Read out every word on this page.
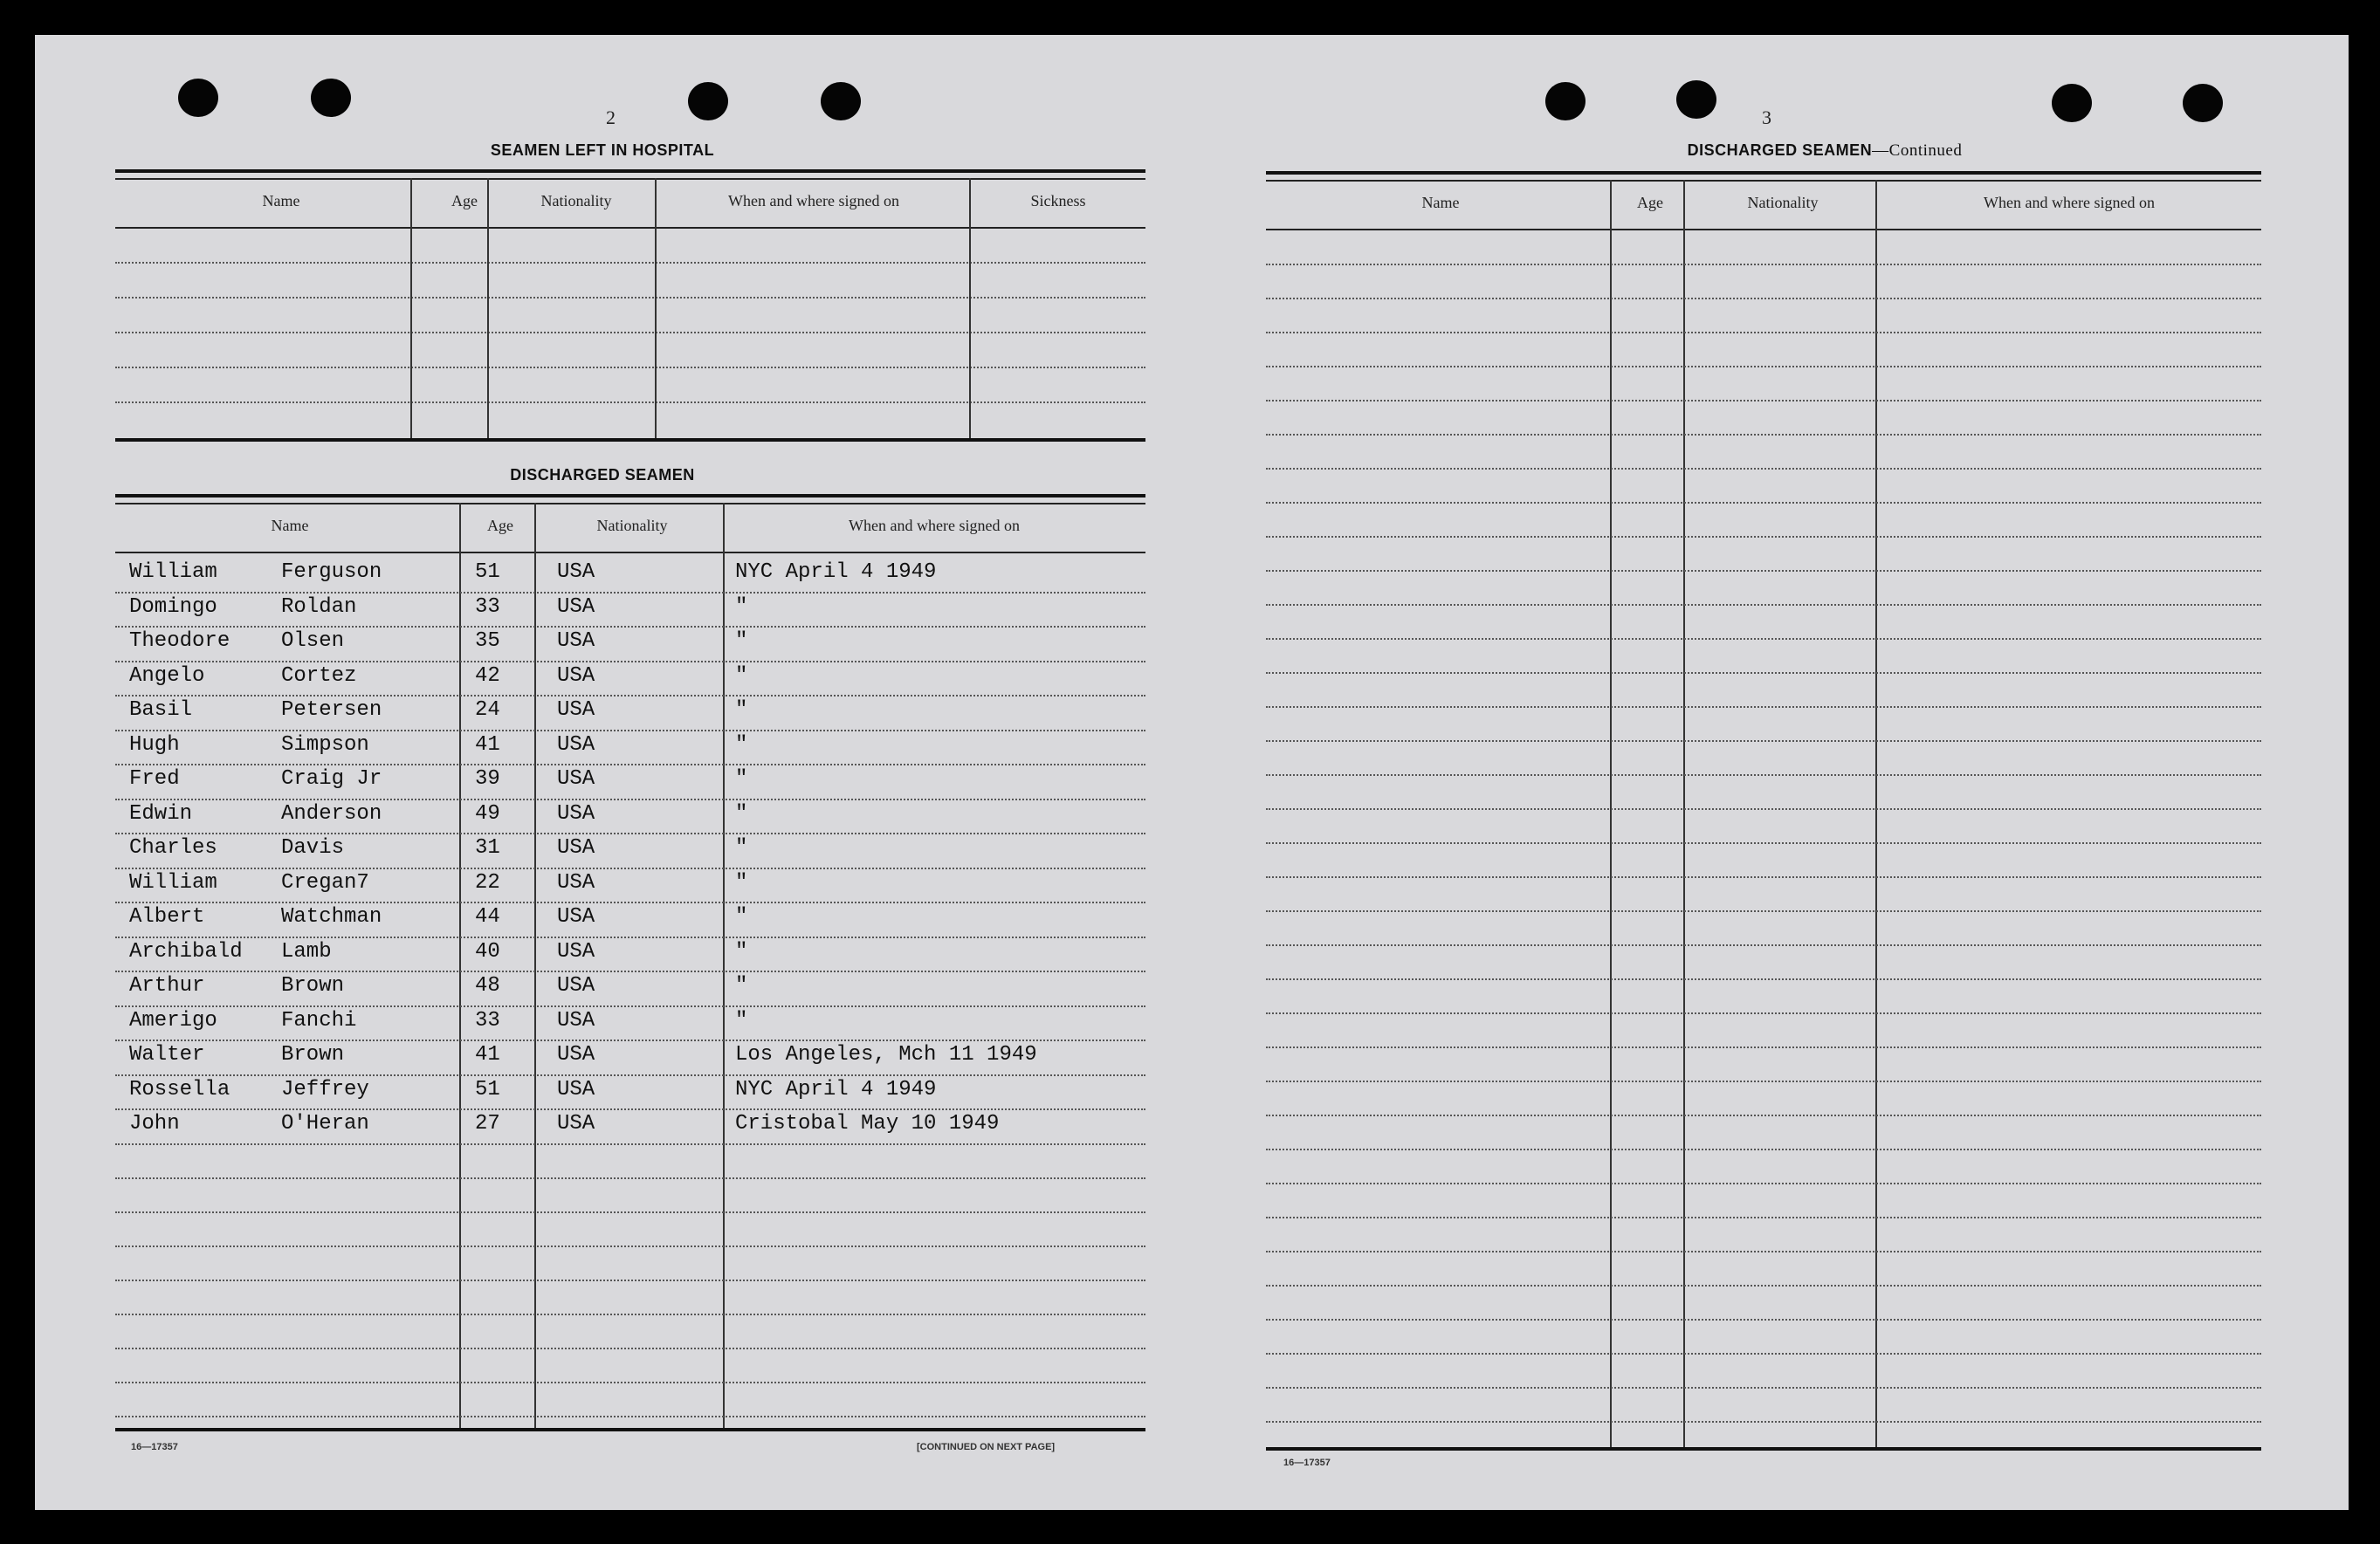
2
SEAMEN LEFT IN HOSPITAL
Name	Age	Nationality	When and where signed on	Sickness
DISCHARGED SEAMEN
Name	Age	Nationality	When and where signed on
William	Ferguson	51	USA	NYC April 4 1949
Domingo	Roldan	33	USA	"
Theodore Olsen	35	USA	"
Angelo	Cortez	42	USA	"
Basil	Petersen	24	USA	"
Hugh	Simpson	41	USA	"
Fred	Craig Jr	39	USA	"
Edwin	Anderson	49	USA	"
Charles	Davis	31	USA	"
William	Cregan7	22	USA	"
Albert	Watchman	44	USA	"
Archibald Lamb	40	USA	"
Arthur	Brown	48	USA	"
Amerigo	Fanchi	33	USA	"
Walter	Brown	41	USA	Los Angeles, Mch 11 1949
Rossella Jeffrey	51	USA	NYC April 4 1949
John	O'Heran	27	USA	Cristobal May 10 1949
16—17357	[CONTINUED ON NEXT PAGE]
3
DISCHARGED SEAMEN—Continued
Name	Age	Nationality	When and where signed on
16—17357
